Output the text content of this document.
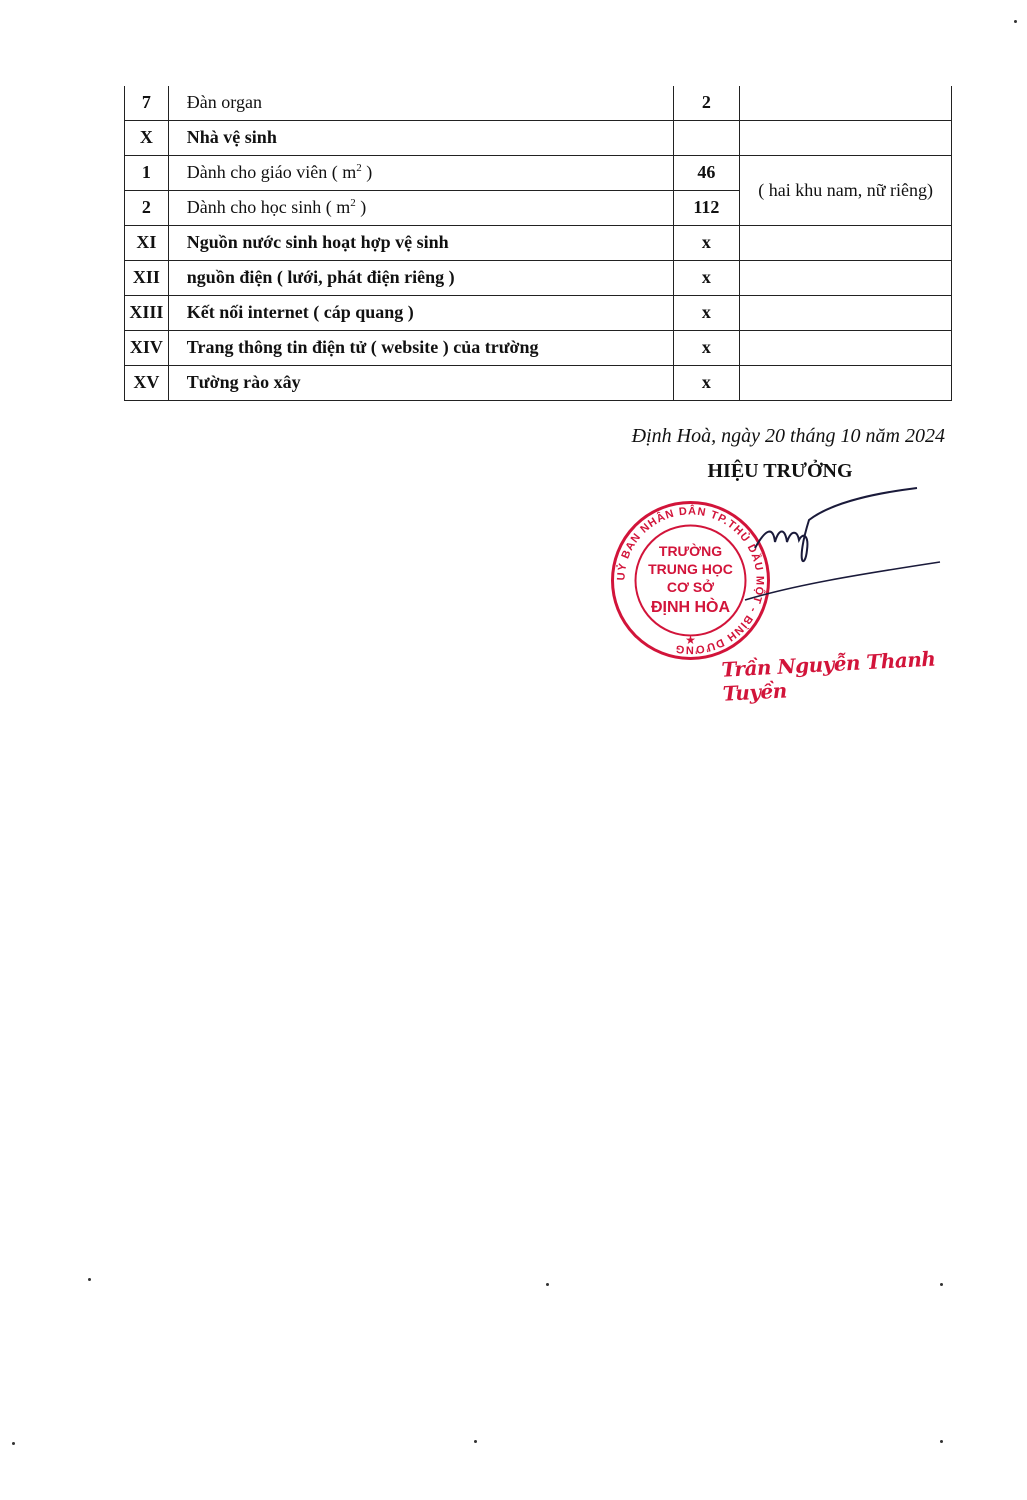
7	Đàn organ	2	
X	Nhà vệ sinh		
1	Dành cho giáo viên ( $m^2$ )	46	( hai khu nam, nữ riêng)

2	Dành cho học sinh ( $m^2$ )	112	
XI	Nguồn nước sinh hoạt hợp vệ sinh	x	
XII	nguồn điện ( lưới, phát điện riêng )	x	
XIII	Kết nối internet ( cáp quang )	x	
XIV	Trang thông tin điện tử ( website ) của trường	x	
XV	Tường rào xây	x	
Định Hoà, ngày 20 tháng 10 năm 2024
HIỆU TRƯỞNG
UỶ BAN NHÂN DÂN TP.THỦ DẦU MỘT - BÌNH DƯƠNG
TRƯỜNG
TRUNG HỌC
CƠ SỞ
ĐỊNH HÒA
★
Trần Nguyễn Thanh Tuyền
